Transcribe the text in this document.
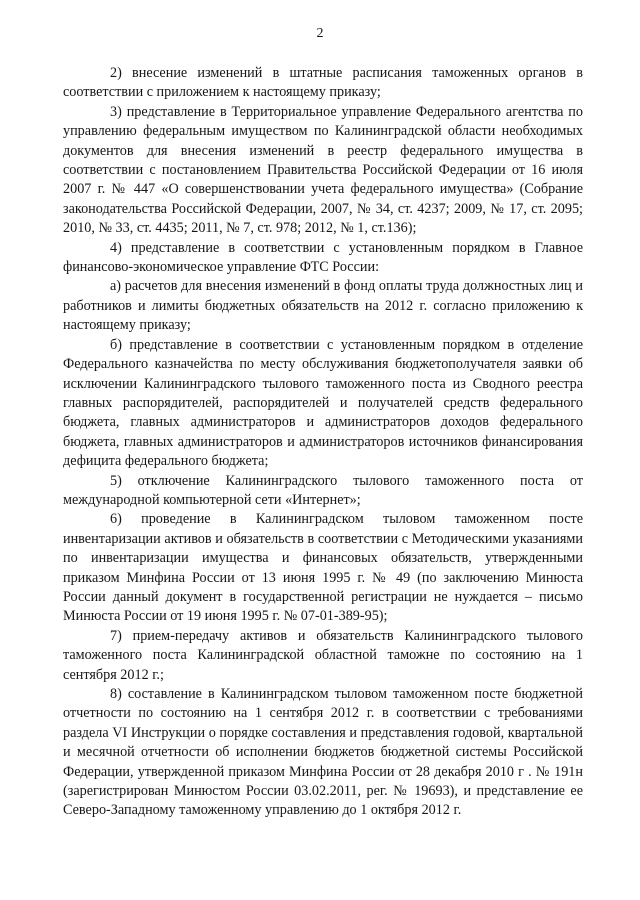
2

2) внесение изменений в штатные расписания таможенных органов в соответствии с приложением к настоящему приказу;

3) представление в Территориальное управление Федерального агентства по управлению федеральным имуществом по Калининградской области необходимых документов для внесения изменений в реестр федерального имущества в соответствии с постановлением Правительства Российской Федерации от 16 июля 2007 г. № 447 «О совершенствовании учета федерального имущества» (Собрание законодательства Российской Федерации, 2007, № 34, ст. 4237; 2009, № 17, ст. 2095; 2010, № 33, ст. 4435; 2011, № 7, ст. 978; 2012, № 1, ст.136);

4) представление в соответствии с установленным порядком в Главное финансово-экономическое управление ФТС России:

а) расчетов для внесения изменений в фонд оплаты труда должностных лиц и работников и лимиты бюджетных обязательств на 2012 г. согласно приложению к настоящему приказу;

б) представление в соответствии с установленным порядком в отделение Федерального казначейства по месту обслуживания бюджетополучателя заявки об исключении Калининградского тылового таможенного поста из Сводного реестра главных распорядителей, распорядителей и получателей средств федерального бюджета, главных администраторов и администраторов доходов федерального бюджета, главных администраторов и администраторов источников финансирования дефицита федерального бюджета;

5) отключение Калининградского тылового таможенного поста от международной компьютерной сети «Интернет»;

6) проведение в Калининградском тыловом таможенном посте инвентаризации активов и обязательств в соответствии с Методическими указаниями по инвентаризации имущества и финансовых обязательств, утвержденными приказом Минфина России от 13 июня 1995 г. № 49 (по заключению Минюста России данный документ в государственной регистрации не нуждается – письмо Минюста России от 19 июня 1995 г. № 07-01-389-95);

7) прием-передачу активов и обязательств Калининградского тылового таможенного поста Калининградской областной таможне по состоянию на 1 сентября 2012 г.;

8) составление в Калининградском тыловом таможенном посте бюджетной отчетности по состоянию на 1 сентября 2012 г. в соответствии с требованиями раздела VI Инструкции о порядке составления и представления годовой, квартальной и месячной отчетности об исполнении бюджетов бюджетной системы Российской Федерации, утвержденной приказом Минфина России от 28 декабря 2010 г . № 191н (зарегистрирован Минюстом России 03.02.2011, рег. № 19693), и представление ее Северо-Западному таможенному управлению до 1 октября 2012 г.
